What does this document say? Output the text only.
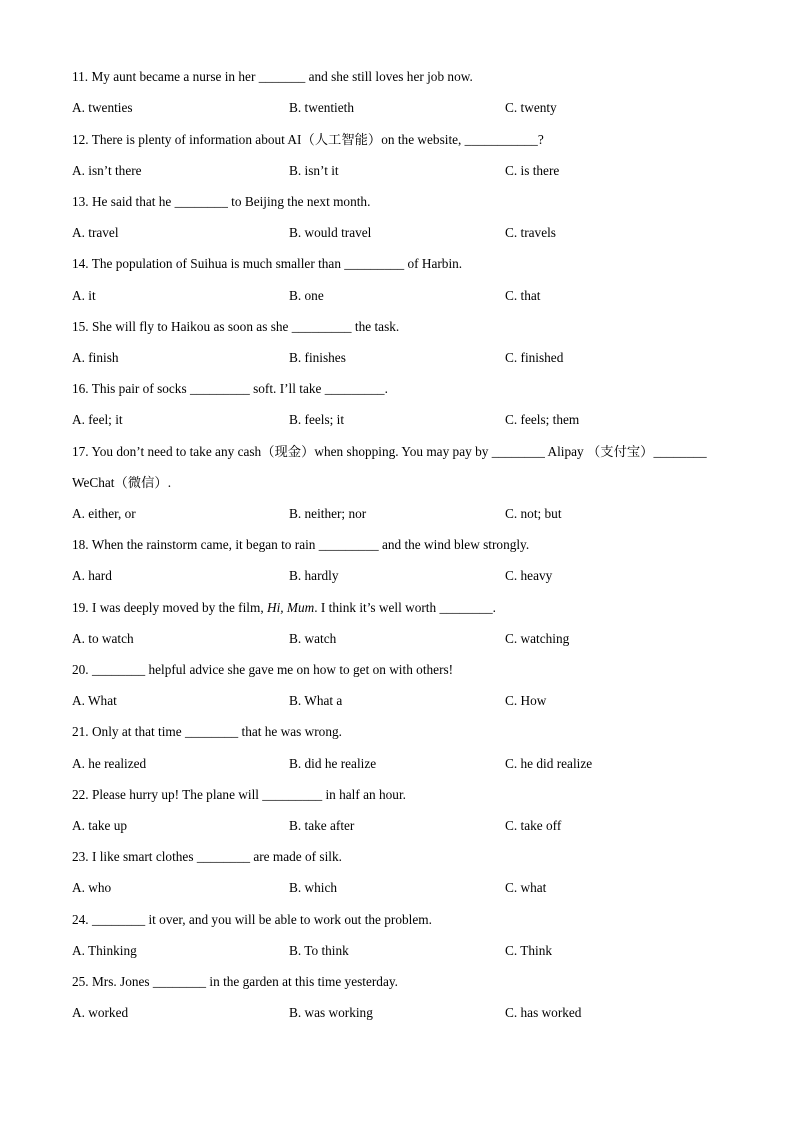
11. My aunt became a nurse in her _______ and she still loves her job now.
A. twenties	B. twentieth	C. twenty
12. There is plenty of information about AI（人工智能）on the website, ___________?
A. isn’t there	B. isn’t it	C. is there
13. He said that he ________ to Beijing the next month.
A. travel	B. would travel	C. travels
14. The population of Suihua is much smaller than _________ of Harbin.
A. it	B. one	C. that
15. She will fly to Haikou as soon as she _________ the task.
A. finish	B. finishes	C. finished
16. This pair of socks _________ soft. I’ll take _________.
A. feel; it	B. feels; it	C. feels; them
17. You don’t need to take any cash（现金）when shopping. You may pay by ________ Alipay （支付宝）________
WeChat（微信）.
A. either, or	B. neither; nor	C. not; but
18. When the rainstorm came, it began to rain _________ and the wind blew strongly.
A. hard	B. hardly	C. heavy
19. I was deeply moved by the film, Hi, Mum. I think it’s well worth ________.
A. to watch	B. watch	C. watching
20. ________ helpful advice she gave me on how to get on with others!
A. What	B. What a	C. How
21. Only at that time ________ that he was wrong.
A. he realized	B. did he realize	C. he did realize
22. Please hurry up! The plane will _________ in half an hour.
A. take up	B. take after	C. take off
23. I like smart clothes ________ are made of silk.
A. who	B. which	C. what
24. ________ it over, and you will be able to work out the problem.
A. Thinking	B. To think	C. Think
25. Mrs. Jones ________ in the garden at this time yesterday.
A. worked	B. was working	C. has worked
